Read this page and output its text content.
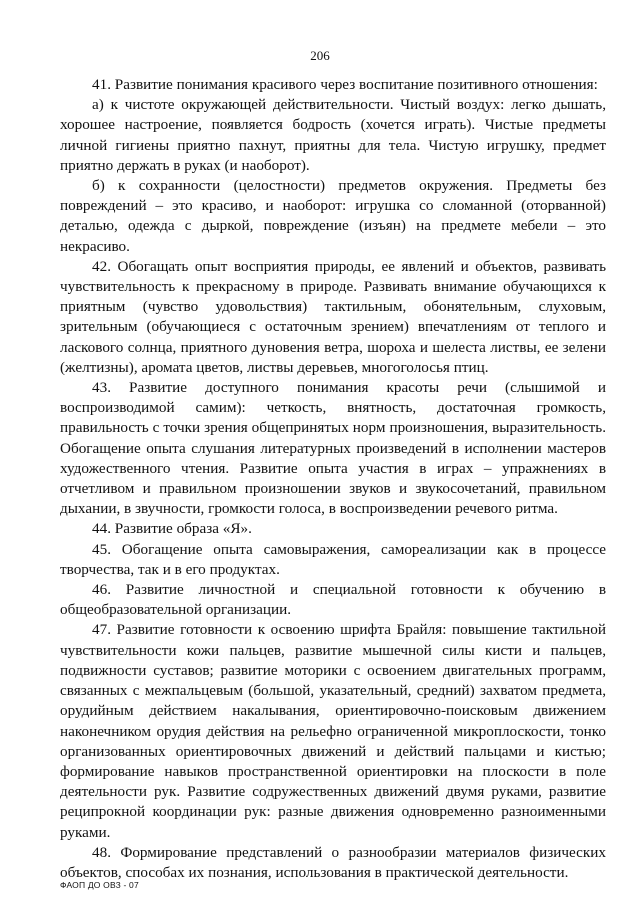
206

41. Развитие понимания красивого через воспитание позитивного отношения:

а) к чистоте окружающей действительности. Чистый воздух: легко дышать, хорошее настроение, появляется бодрость (хочется играть). Чистые предметы личной гигиены приятно пахнут, приятны для тела. Чистую игрушку, предмет приятно держать в руках (и наоборот).

б) к сохранности (целостности) предметов окружения. Предметы без повреждений – это красиво, и наоборот: игрушка со сломанной (оторванной) деталью, одежда с дыркой, повреждение (изъян) на предмете мебели – это некрасиво.

42. Обогащать опыт восприятия природы, ее явлений и объектов, развивать чувствительность к прекрасному в природе. Развивать внимание обучающихся к приятным (чувство удовольствия) тактильным, обонятельным, слуховым, зрительным (обучающиеся с остаточным зрением) впечатлениям от теплого и ласкового солнца, приятного дуновения ветра, шороха и шелеста листвы, ее зелени (желтизны), аромата цветов, листвы деревьев, многоголосья птиц.

43. Развитие доступного понимания красоты речи (слышимой и воспроизводимой самим): четкость, внятность, достаточная громкость, правильность с точки зрения общепринятых норм произношения, выразительность. Обогащение опыта слушания литературных произведений в исполнении мастеров художественного чтения. Развитие опыта участия в играх – упражнениях в отчетливом и правильном произношении звуков и звукосочетаний, правильном дыхании, в звучности, громкости голоса, в воспроизведении речевого ритма.

44. Развитие образа «Я».

45. Обогащение опыта самовыражения, самореализации как в процессе творчества, так и в его продуктах.

46. Развитие личностной и специальной готовности к обучению в общеобразовательной организации.

47. Развитие готовности к освоению шрифта Брайля: повышение тактильной чувствительности кожи пальцев, развитие мышечной силы кисти и пальцев, подвижности суставов; развитие моторики с освоением двигательных программ, связанных с межпальцевым (большой, указательный, средний) захватом предмета, орудийным действием накалывания, ориентировочно-поисковым движением наконечником орудия действия на рельефно ограниченной микроплоскости, тонко организованных ориентировочных движений и действий пальцами и кистью; формирование навыков пространственной ориентировки на плоскости в поле деятельности рук. Развитие содружественных движений двумя руками, развитие реципрокной координации рук: разные движения одновременно разноименными руками.

48. Формирование представлений о разнообразии материалов физических объектов, способах их познания, использования в практической деятельности.

ФАОП ДО ОВЗ - 07
